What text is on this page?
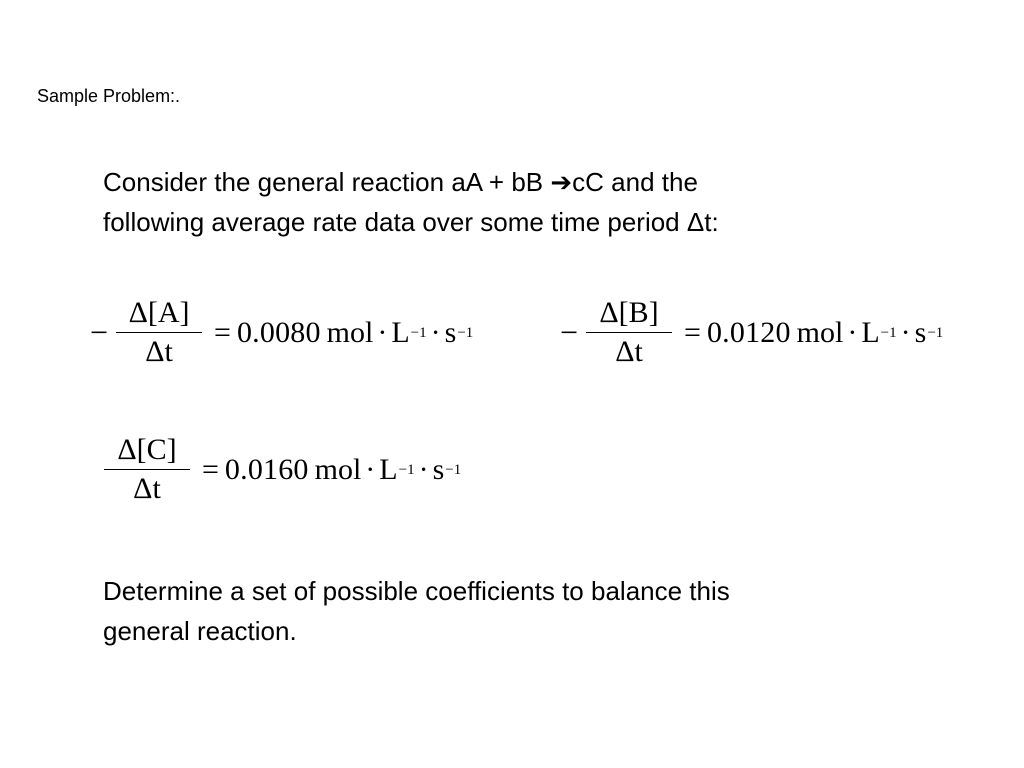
Sample Problem:.
Consider the general reaction aA + bB ➔cC and the
following average rate data over some time period Δt:
− $\frac{\Delta[A]}{\Delta t} = 0.0080$ mol · L −1 · s −1	− $\frac{\Delta[B]}{\Delta t} = 0.0120$ mol · L −1 · s −1
$\frac{\Delta[C]}{\Delta t} = 0.0160$ mol · L −1 · s −1
Determine a set of possible coefficients to balance this
general reaction.
